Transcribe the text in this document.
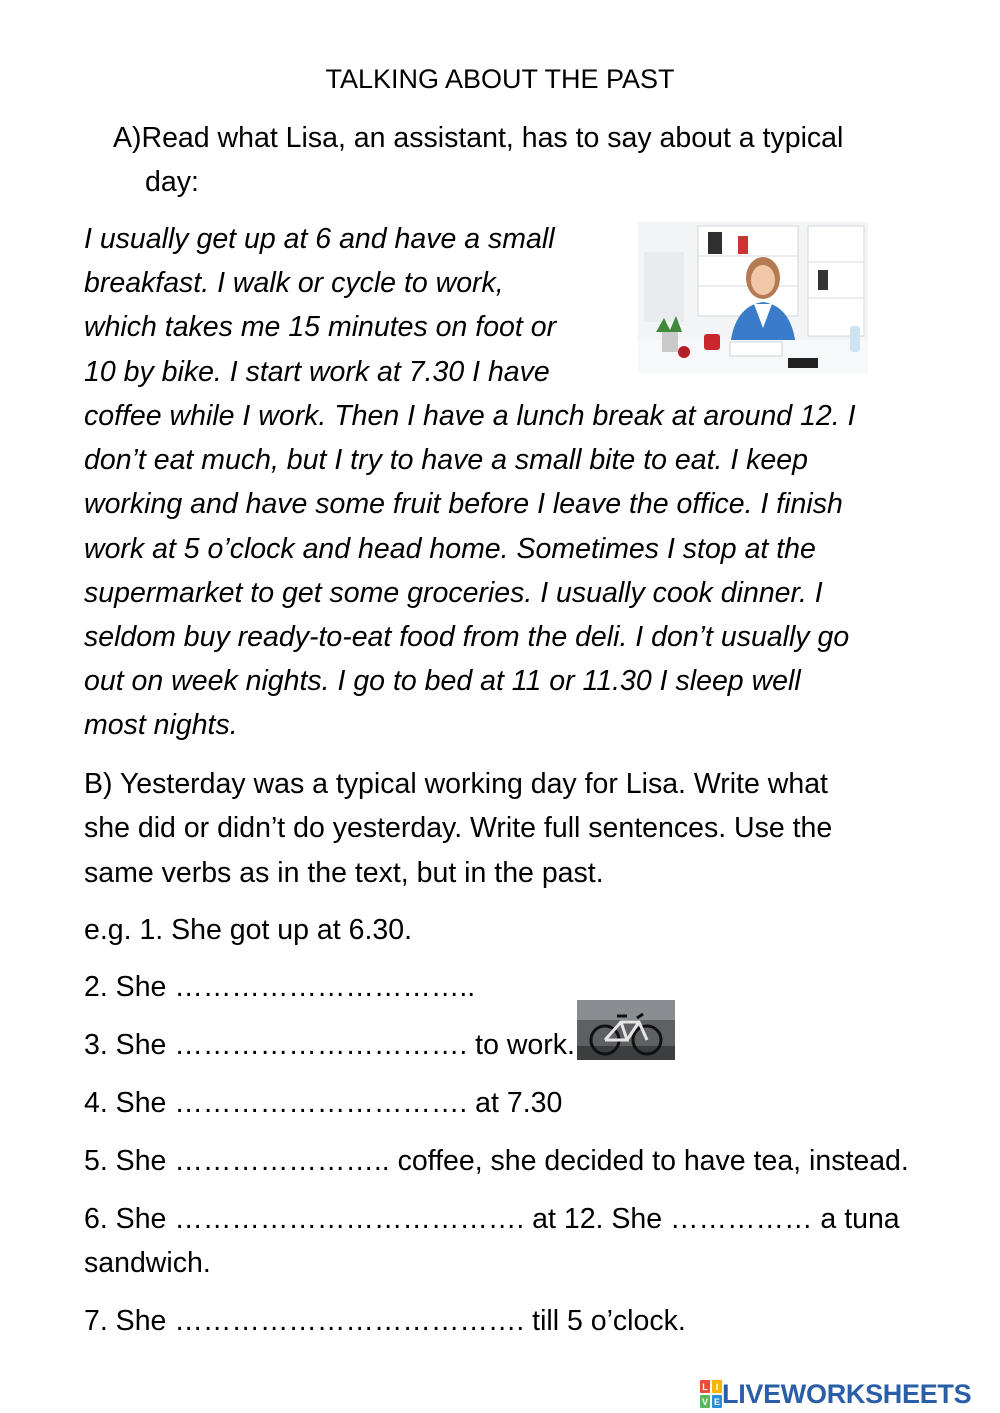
TALKING ABOUT THE PAST
A)Read what Lisa, an assistant, has to say about a typical
day:
I usually get up at 6 and have a small
breakfast. I walk or cycle to work,
which takes me 15 minutes on foot or
10 by bike. I start work at 7.30 I have
coffee while I work. Then I have a lunch break at around 12. I
don’t eat much, but I try to have a small bite to eat. I keep
working and have some fruit before I leave the office. I finish
work at 5 o’clock and head home. Sometimes I stop at the
supermarket to get some groceries. I usually cook dinner. I
seldom buy ready-to-eat food from the deli. I don’t usually go
out on week nights. I go to bed at 11 or 11.30 I sleep well
most nights.
B) Yesterday was a typical working day for Lisa. Write what
she did or didn’t do yesterday. Write full sentences. Use the
same verbs as in the text, but in the past.
e.g. 1. She got up at 6.30.
2. She …………………………..
3. She …………………………. to work.
4. She …………………………. at 7.30
5. She ………………….. coffee, she decided to have tea, instead.
6. She ………………………………. at 12. She …………… a tuna
sandwich.
7. She ………………………………. till 5 o’clock.
L I
V E LIVEWORKSHEETS
